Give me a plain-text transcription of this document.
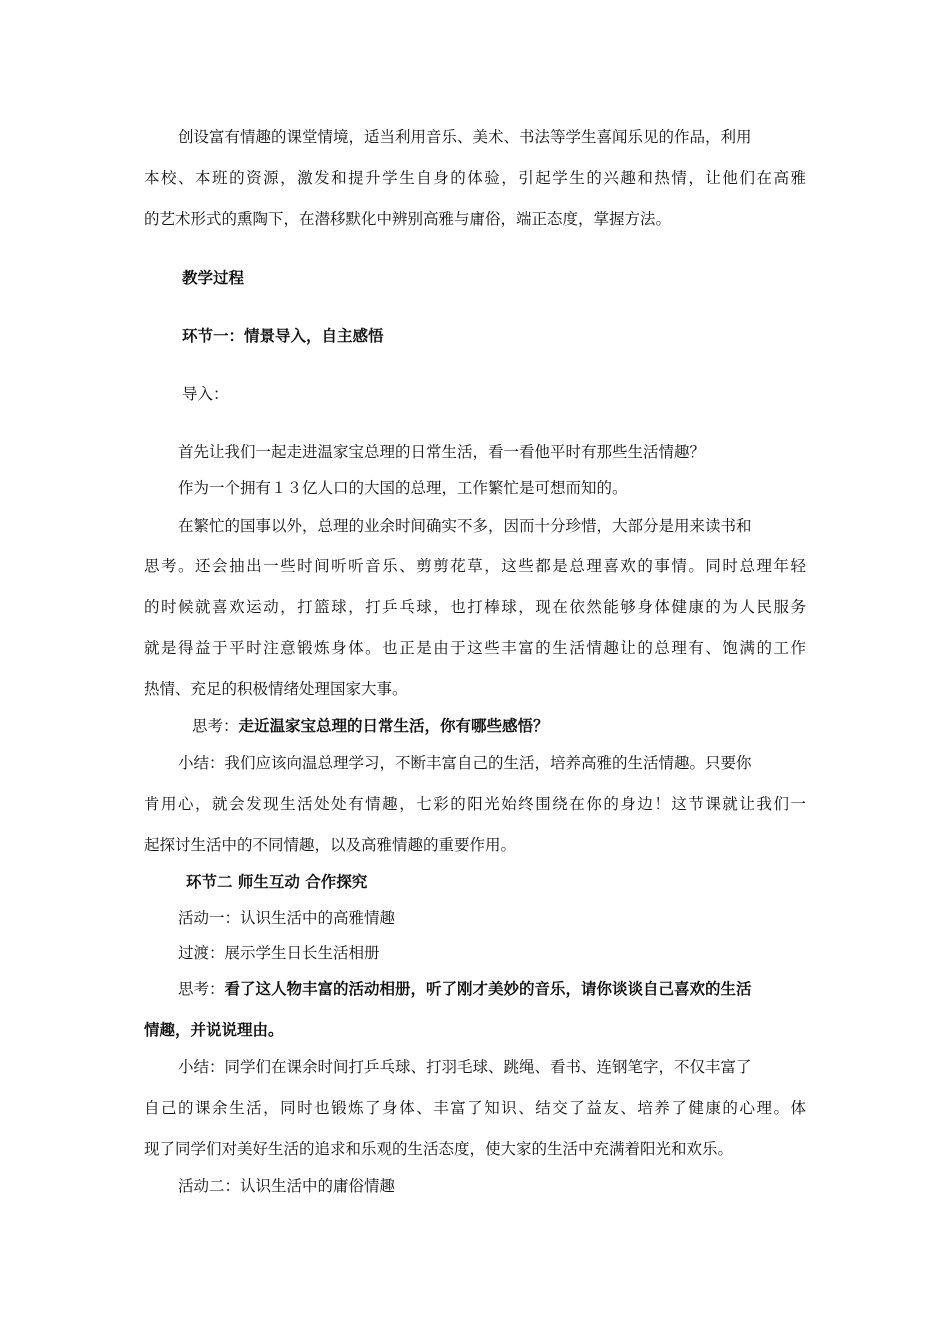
创设富有情趣的课堂情境，适当利用音乐、美术、书法等学生喜闻乐见的作品，利用
本校、本班的资源，激发和提升学生自身的体验，引起学生的兴趣和热情，让他们在高雅
的艺术形式的熏陶下，在潜移默化中辨别高雅与庸俗，端正态度，掌握方法。
教学过程
环节一：情景导入，自主感悟
导入：
首先让我们一起走进温家宝总理的日常生活，看一看他平时有那些生活情趣？
作为一个拥有１３亿人口的大国的总理，工作繁忙是可想而知的。
在繁忙的国事以外，总理的业余时间确实不多，因而十分珍惜，大部分是用来读书和
思考。还会抽出一些时间听听音乐、剪剪花草，这些都是总理喜欢的事情。同时总理年轻
的时候就喜欢运动，打篮球，打乒乓球，也打棒球，现在依然能够身体健康的为人民服务
就是得益于平时注意锻炼身体。也正是由于这些丰富的生活情趣让的总理有、饱满的工作
热情、充足的积极情绪处理国家大事。
思考：走近温家宝总理的日常生活，你有哪些感悟？
小结：我们应该向温总理学习，不断丰富自己的生活，培养高雅的生活情趣。只要你
肯用心，就会发现生活处处有情趣，七彩的阳光始终围绕在你的身边！这节课就让我们一
起探讨生活中的不同情趣，以及高雅情趣的重要作用。
环节二 师生互动 合作探究
活动一：认识生活中的高雅情趣
过渡：展示学生日长生活相册
思考：看了这人物丰富的活动相册，听了刚才美妙的音乐，请你谈谈自己喜欢的生活
情趣，并说说理由。
小结：同学们在课余时间打乒乓球、打羽毛球、跳绳、看书、连钢笔字，不仅丰富了
自己的课余生活，同时也锻炼了身体、丰富了知识、结交了益友、培养了健康的心理。体
现了同学们对美好生活的追求和乐观的生活态度，使大家的生活中充满着阳光和欢乐。
活动二：认识生活中的庸俗情趣
